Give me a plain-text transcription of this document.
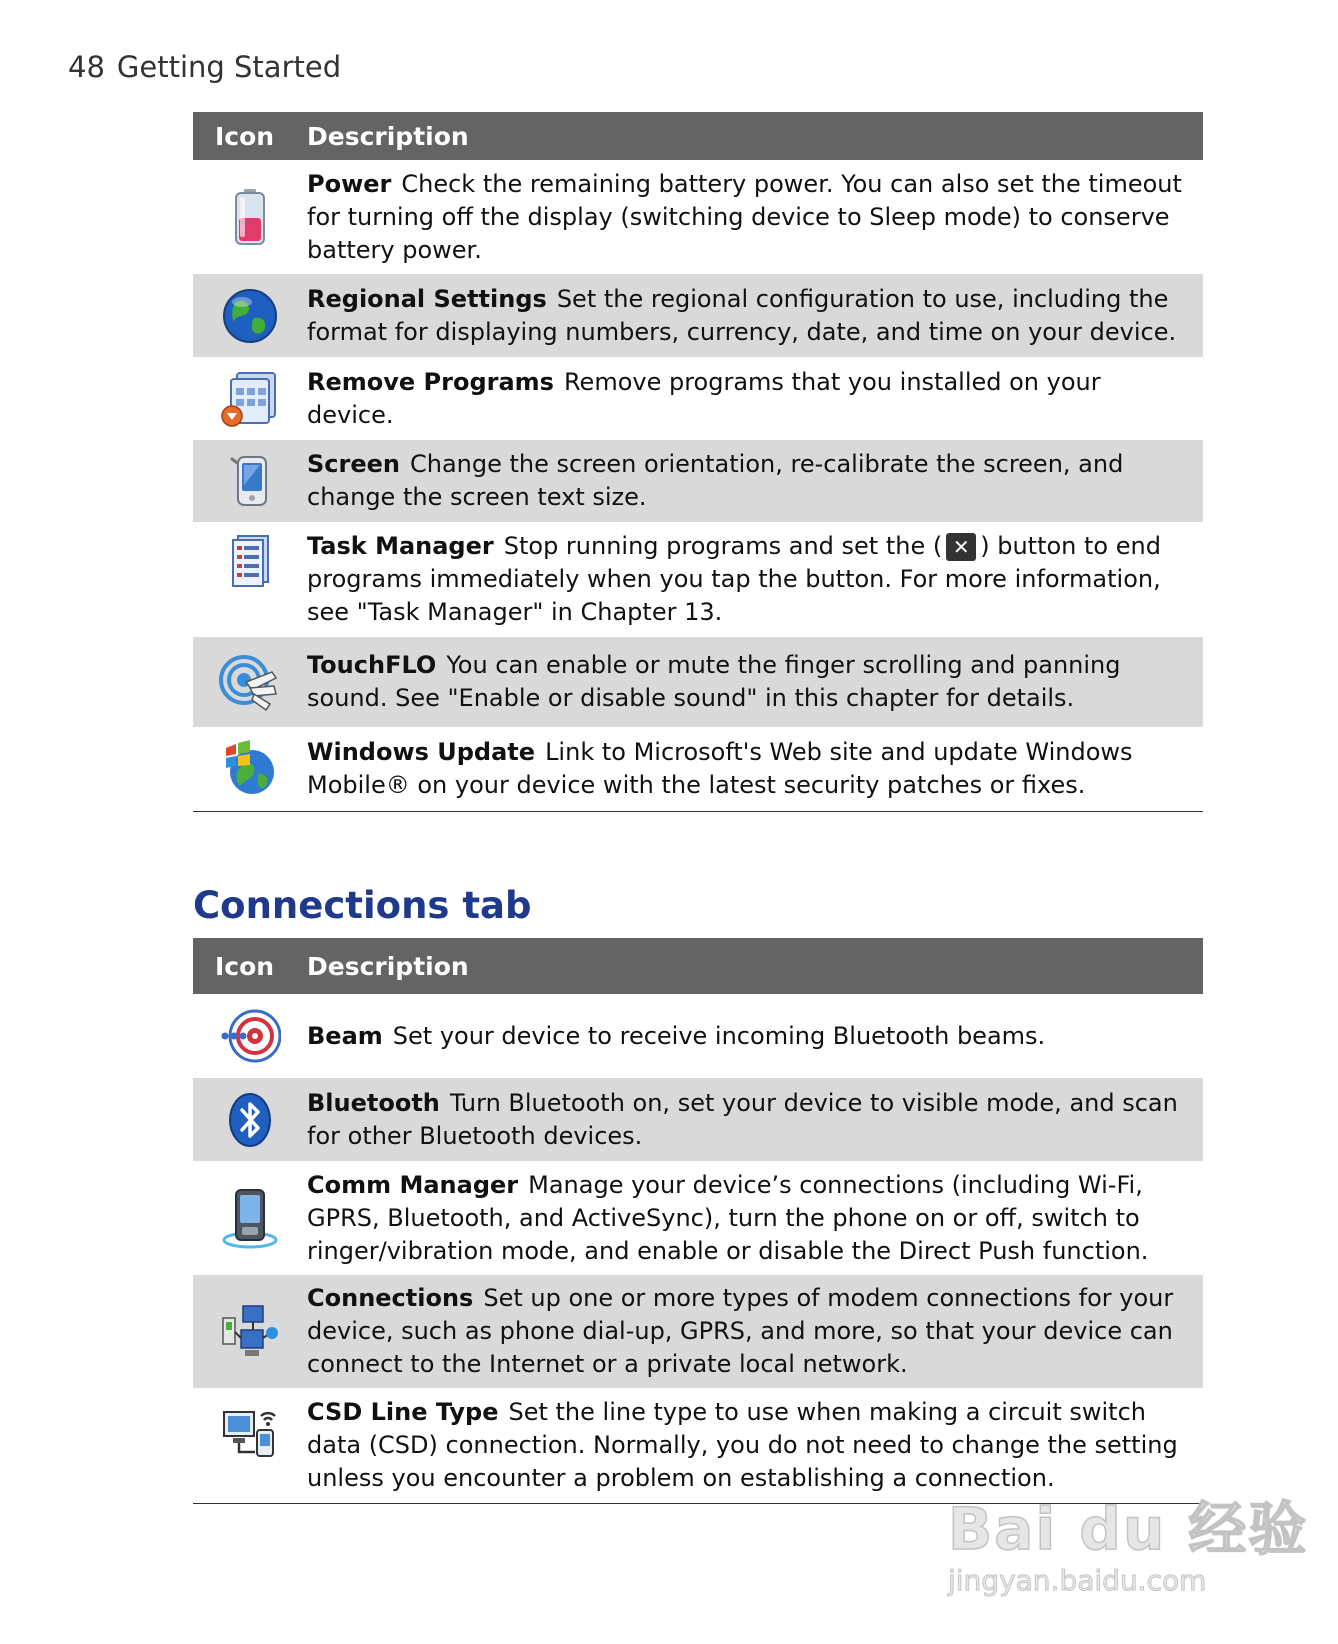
48 Getting Started
Icon	Description

	Power Check the remaining battery power. You can also set the timeout for turning off the display (switching device to Sleep mode) to conserve battery power.

	Regional Settings Set the regional configuration to use, including the format for displaying numbers, currency, date, and time on your device.

	Remove Programs Remove programs that you installed on your device.

	Screen Change the screen orientation, re-calibrate the screen, and change the screen text size.

	Task Manager Stop running programs and set the ( ✕ ) button to end programs immediately when you tap the button. For more information, see "Task Manager" in Chapter 13.

	TouchFLO You can enable or mute the finger scrolling and panning sound. See "Enable or disable sound" in this chapter for details.

	Windows Update Link to Microsoft's Web site and update Windows Mobile® on your device with the latest security patches or fixes.
Connections tab
Icon	Description

	Beam Set your device to receive incoming Bluetooth beams.

	Bluetooth Turn Bluetooth on, set your device to visible mode, and scan for other Bluetooth devices.

	Comm Manager Manage your device’s connections (including Wi-Fi, GPRS, Bluetooth, and ActiveSync), turn the phone on or off, switch to ringer/vibration mode, and enable or disable the Direct Push function.

	Connections Set up one or more types of modem connections for your device, such as phone dial-up, GPRS, and more, so that your device can connect to the Internet or a private local network.

	CSD Line Type Set the line type to use when making a circuit switch data (CSD) connection. Normally, you do not need to change the setting unless you encounter a problem on establishing a connection.
Bai du 经验
jingyan.baidu.com
